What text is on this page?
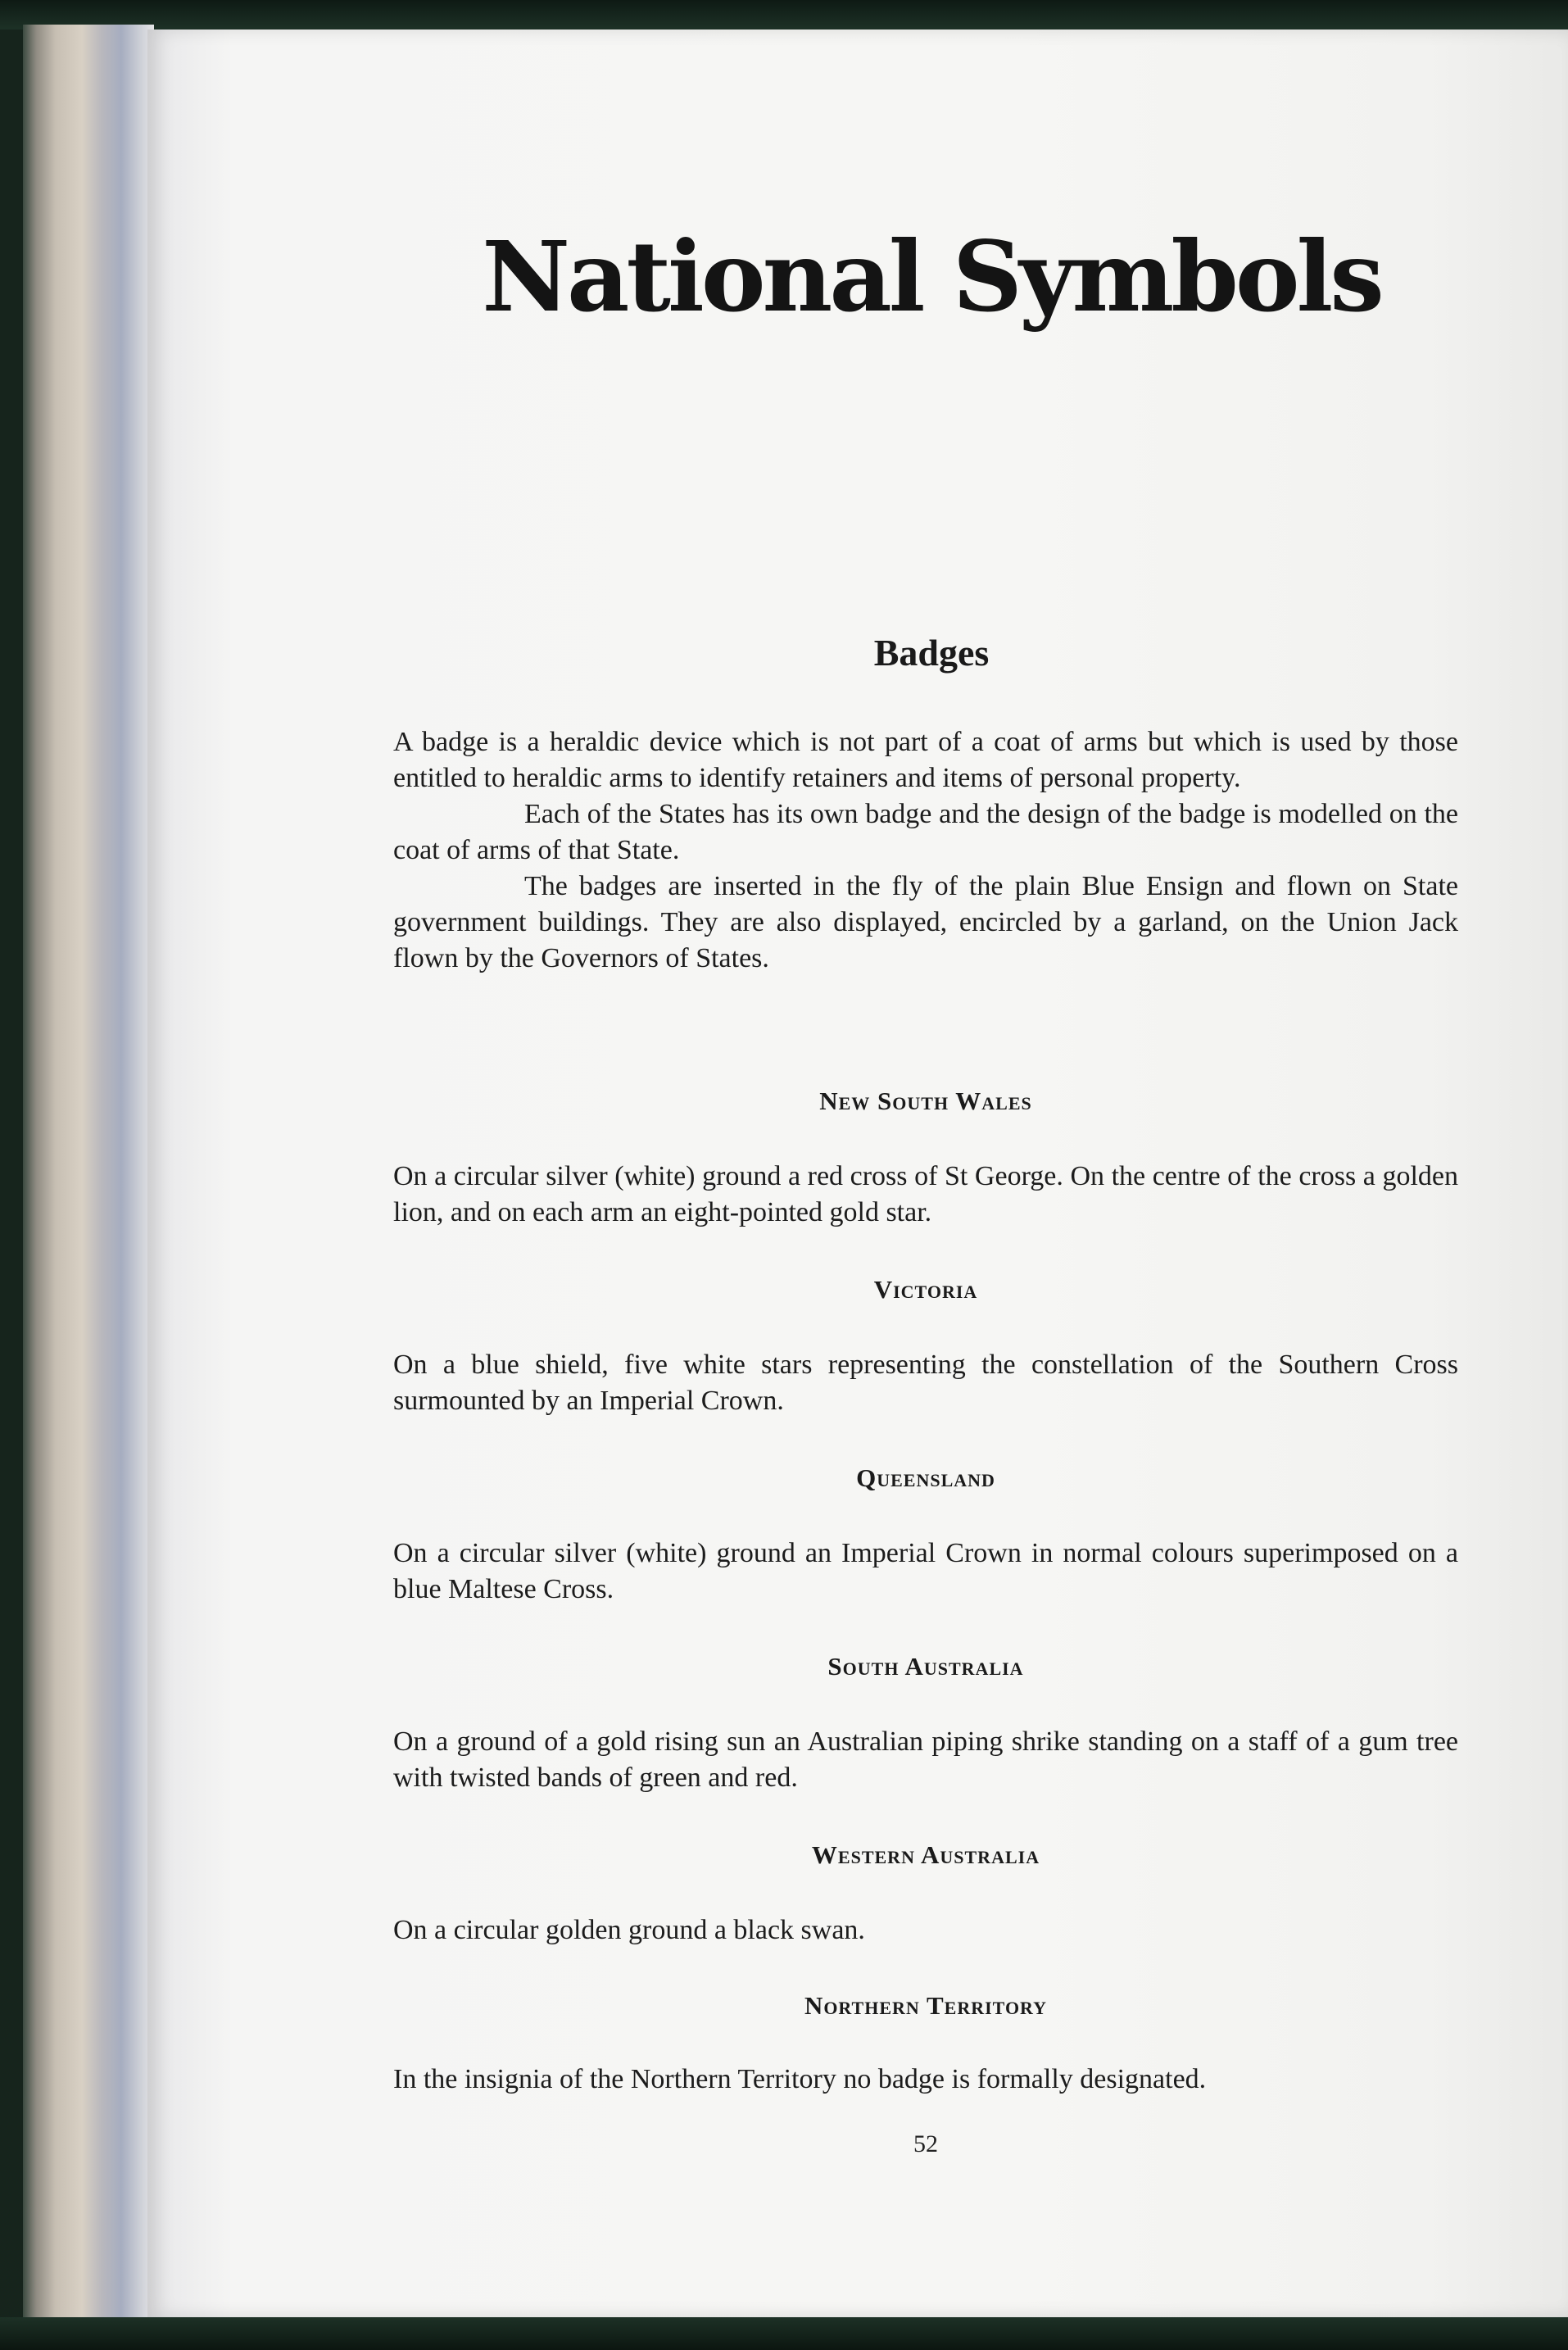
National Symbols
Badges

A badge is a heraldic device which is not part of a coat of arms but which is used by those entitled to heraldic arms to identify retainers and items of personal property.

Each of the States has its own badge and the design of the badge is modelled on the coat of arms of that State.

The badges are inserted in the fly of the plain Blue Ensign and flown on State government buildings. They are also displayed, encircled by a garland, on the Union Jack flown by the Governors of States.

New South Wales

On a circular silver (white) ground a red cross of St George. On the centre of the cross a golden lion, and on each arm an eight-pointed gold star.

Victoria

On a blue shield, five white stars representing the constellation of the Southern Cross surmounted by an Imperial Crown.

Queensland

On a circular silver (white) ground an Imperial Crown in normal colours superimposed on a blue Maltese Cross.

South Australia

On a ground of a gold rising sun an Australian piping shrike standing on a staff of a gum tree with twisted bands of green and red.

Western Australia

On a circular golden ground a black swan.

Northern Territory

In the insignia of the Northern Territory no badge is formally designated.

52
